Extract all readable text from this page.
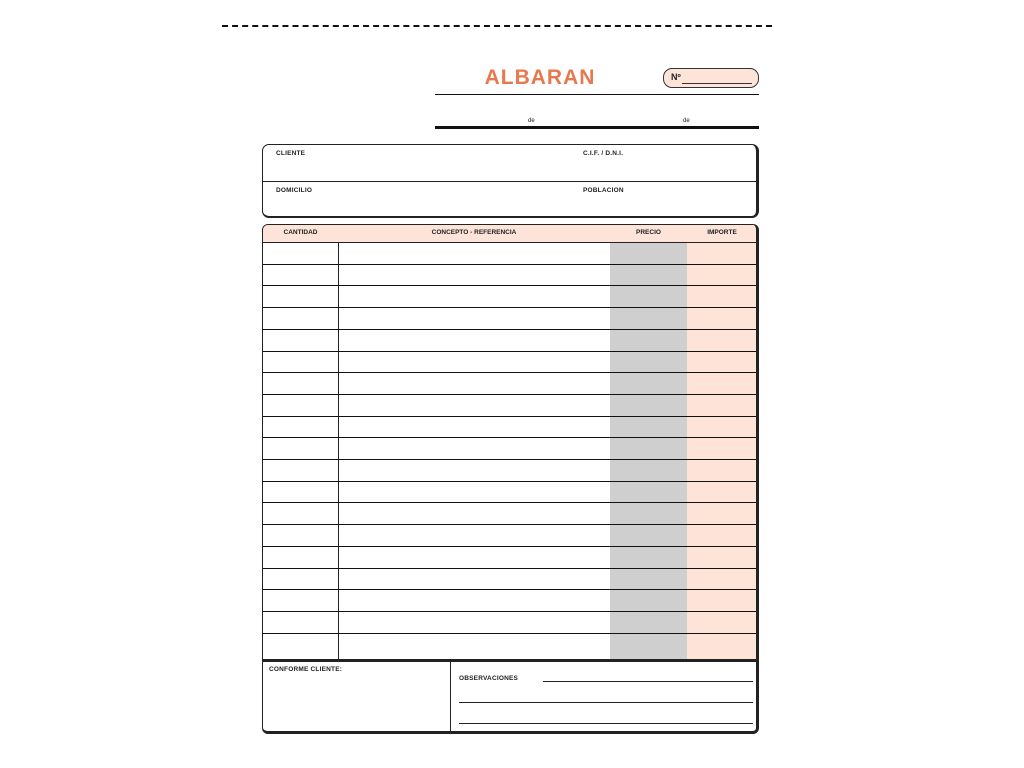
ALBARAN	Nº
de	de
CLIENTE	C.I.F. / D.N.I.
DOMICILIO	POBLACION
CANTIDAD	CONCEPTO - REFERENCIA	PRECIO	IMPORTE
CONFORME CLIENTE:
OBSERVACIONES
